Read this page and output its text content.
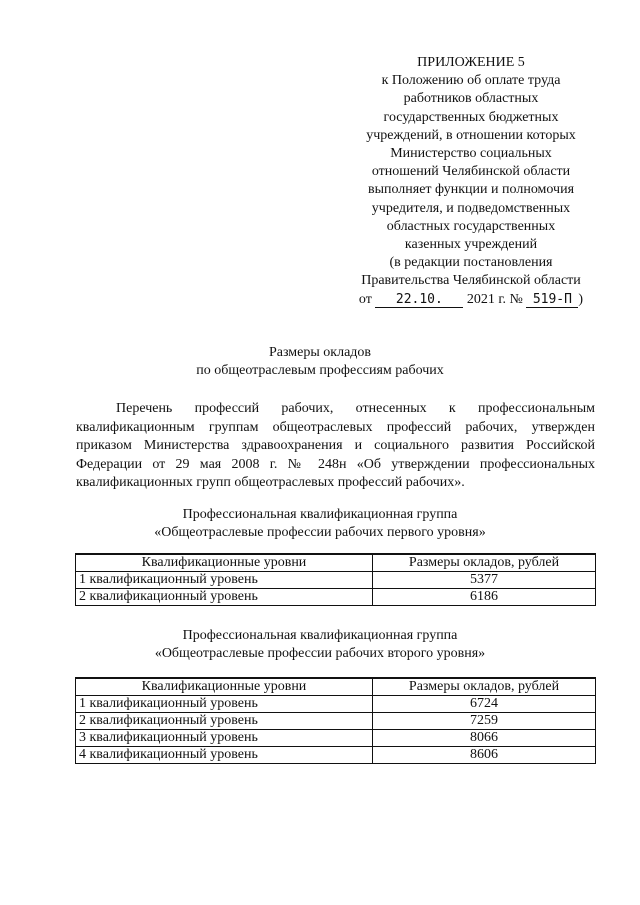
ПРИЛОЖЕНИЕ 5
к Положению об оплате труда
работников областных
государственных бюджетных
учреждений, в отношении которых
Министерство социальных
отношений Челябинской области
выполняет функции и полномочия
учредителя, и подведомственных
областных государственных
казенных учреждений
(в редакции постановления
Правительства Челябинской области
от 22.10. 2021 г. № 519-П )
Размеры окладов
по общеотраслевым профессиям рабочих
Перечень профессий рабочих, отнесенных к профессиональным квалификационным группам общеотраслевых профессий рабочих, утвержден приказом Министерства здравоохранения и социального развития Российской Федерации от 29 мая 2008 г. № 248н «Об утверждении профессиональных квалификационных групп общеотраслевых профессий рабочих».
Профессиональная квалификационная группа
«Общеотраслевые профессии рабочих первого уровня»
Квалификационные уровни	Размеры окладов, рублей
1 квалификационный уровень	5377
2 квалификационный уровень	6186
Профессиональная квалификационная группа
«Общеотраслевые профессии рабочих второго уровня»
Квалификационные уровни	Размеры окладов, рублей
1 квалификационный уровень	6724
2 квалификационный уровень	7259
3 квалификационный уровень	8066
4 квалификационный уровень	8606
